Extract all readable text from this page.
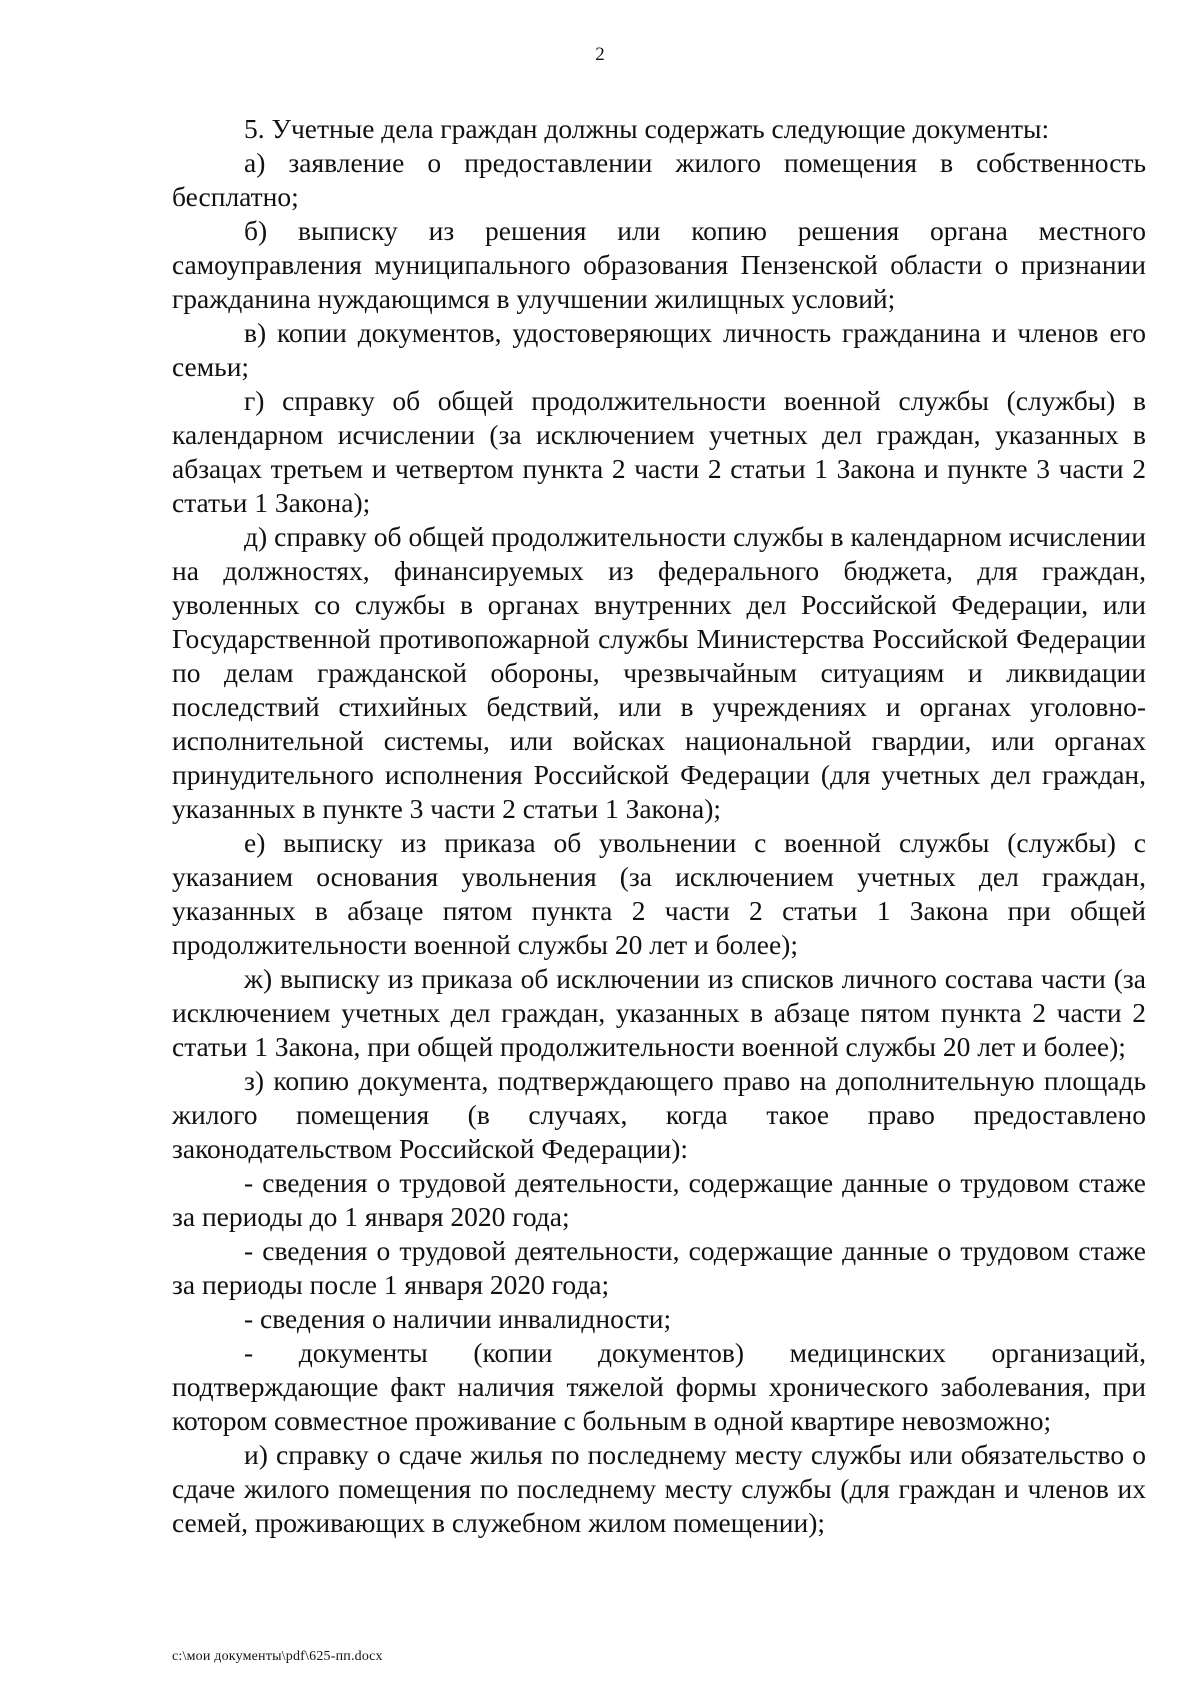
2

5. Учетные дела граждан должны содержать следующие документы:

а) заявление о предоставлении жилого помещения в собственность бесплатно;

б) выписку из решения или копию решения органа местного самоуправления муниципального образования Пензенской области о признании гражданина нуждающимся в улучшении жилищных условий;

в) копии документов, удостоверяющих личность гражданина и членов его семьи;

г) справку об общей продолжительности военной службы (службы) в календарном исчислении (за исключением учетных дел граждан, указанных в абзацах третьем и четвертом пункта 2 части 2 статьи 1 Закона и пункте 3 части 2 статьи 1 Закона);

д) справку об общей продолжительности службы в календарном исчислении на должностях, финансируемых из федерального бюджета, для граждан, уволенных со службы в органах внутренних дел Российской Федерации, или Государственной противопожарной службы Министерства Российской Федерации по делам гражданской обороны, чрезвычайным ситуациям и ликвидации последствий стихийных бедствий, или в учреждениях и органах уголовно-исполнительной системы, или войсках национальной гвардии, или органах принудительного исполнения Российской Федерации (для учетных дел граждан, указанных в пункте 3 части 2 статьи 1 Закона);

е) выписку из приказа об увольнении с военной службы (службы) с указанием основания увольнения (за исключением учетных дел граждан, указанных в абзаце пятом пункта 2 части 2 статьи 1 Закона при общей продолжительности военной службы 20 лет и более);

ж) выписку из приказа об исключении из списков личного состава части (за исключением учетных дел граждан, указанных в абзаце пятом пункта 2 части 2 статьи 1 Закона, при общей продолжительности военной службы 20 лет и более);

з) копию документа, подтверждающего право на дополнительную площадь жилого помещения (в случаях, когда такое право предоставлено законодательством Российской Федерации):

- сведения о трудовой деятельности, содержащие данные о трудовом стаже за периоды до 1 января 2020 года;

- сведения о трудовой деятельности, содержащие данные о трудовом стаже за периоды после 1 января 2020 года;

- сведения о наличии инвалидности;

- документы (копии документов) медицинских организаций, подтверждающие факт наличия тяжелой формы хронического заболевания, при котором совместное проживание с больным в одной квартире невозможно;

и) справку о сдаче жилья по последнему месту службы или обязательство о сдаче жилого помещения по последнему месту службы (для граждан и членов их семей, проживающих в служебном жилом помещении);

c:\мои документы\pdf\625-пп.docx
